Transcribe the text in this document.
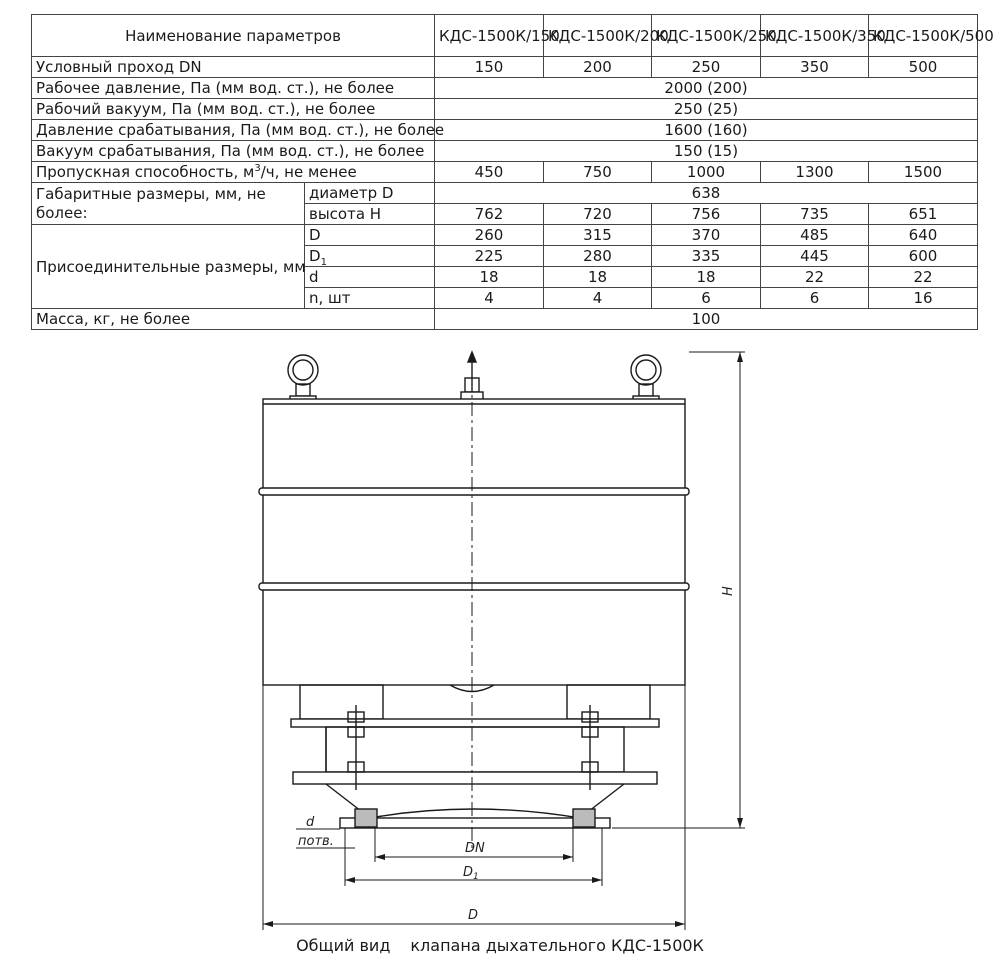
Наименование параметров		КДС-1500К/150	КДС-1500К/200	КДС-1500К/250	КДС-1500К/350	КДС-1500К/500
Условный проход DN		150	200	250	350	500
Рабочее давление, Па (мм вод. ст.), не более		2000 (200)				
Рабочий вакуум, Па (мм вод. ст.), не более		250 (25)				
Давление срабатывания, Па (мм вод. ст.), не более		1600 (160)				
Вакуум срабатывания, Па (мм вод. ст.), не более		150 (15)				
Пропускная способность, $м^3/ч$, не менее		450	750	1000	1300	1500
Габаритные размеры, мм, не более:	диаметр D	638				
	высота H	762	720	756	735	651
Присоединительные размеры, мм	D	260	315	370	485	640
	$D_1$	225	280	335	445	600
	d	18	18	18	22	22
	n, шт	4	4	6	6	16
Масса, кг, не более		100				
H
DN
$D_1$
D
d
потв.
Общий вид клапана дыхательного КДС-1500К
